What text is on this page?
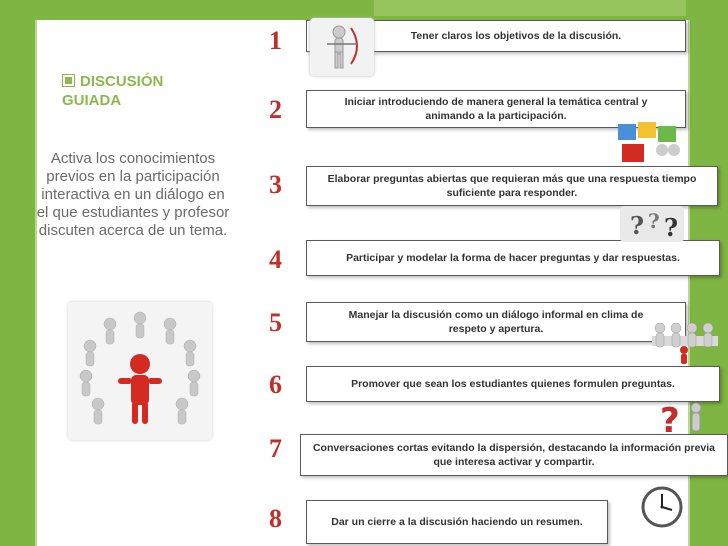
DISCUSIÓN
GUIADA
Activa los conocimientos previos en la participación interactiva en un diálogo en el que estudiantes y profesor discuten acerca de un tema.
1
2
3
4
5
6
7
8
Tener claros los objetivos de la discusión.
Iniciar introduciendo de manera general la temática central y animando a la participación.
Elaborar preguntas abiertas que requieran más que una respuesta tiempo suficiente para responder.
Participar y modelar la forma de hacer preguntas y dar respuestas.
Manejar la discusión como un diálogo informal en clima de respeto y apertura.
Promover que sean los estudiantes quienes formulen preguntas.
Conversaciones cortas evitando la dispersión, destacando la información previa que interesa activar y compartir.
Dar un cierre a la discusión haciendo un resumen.
? ? ?
?
